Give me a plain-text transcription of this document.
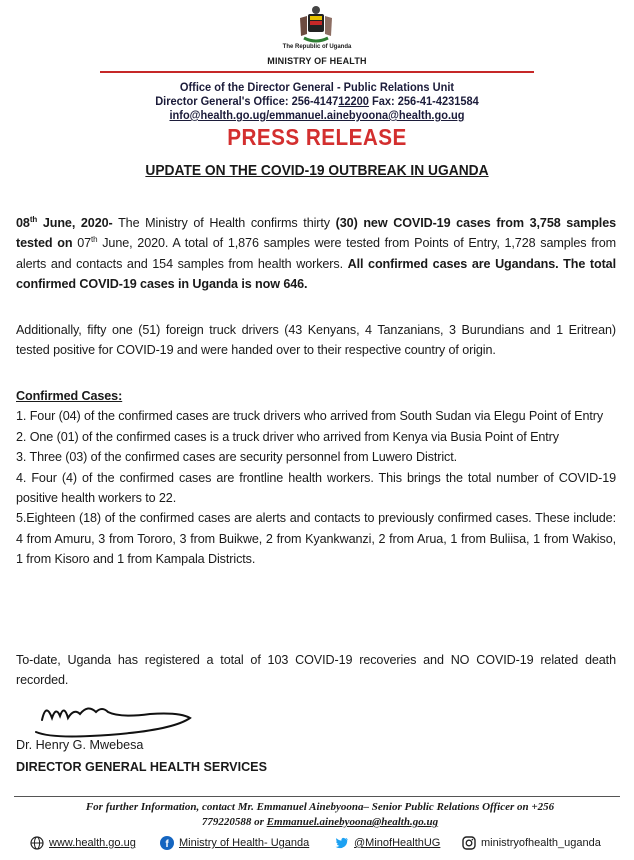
The Republic of Uganda
MINISTRY OF HEALTH
Office of the Director General - Public Relations Unit
Director General's Office: 256-414712200 Fax: 256-41-4231584
info@health.go.ug/emmanuel.ainebyoona@health.go.ug
PRESS RELEASE
UPDATE ON THE COVID-19 OUTBREAK IN UGANDA
08th June, 2020- The Ministry of Health confirms thirty (30) new COVID-19 cases from 3,758 samples tested on 07th June, 2020. A total of 1,876 samples were tested from Points of Entry, 1,728 samples from alerts and contacts and 154 samples from health workers. All confirmed cases are Ugandans. The total confirmed COVID-19 cases in Uganda is now 646.
Additionally, fifty one (51) foreign truck drivers (43 Kenyans, 4 Tanzanians, 3 Burundians and 1 Eritrean) tested positive for COVID-19 and were handed over to their respective country of origin.
Confirmed Cases:
1. Four (04) of the confirmed cases are truck drivers who arrived from South Sudan via Elegu Point of Entry
2. One (01) of the confirmed cases is a truck driver who arrived from Kenya via Busia Point of Entry
3. Three (03) of the confirmed cases are security personnel from Luwero District.
4. Four (4) of the confirmed cases are frontline health workers. This brings the total number of COVID-19 positive health workers to 22.
5.Eighteen (18) of the confirmed cases are alerts and contacts to previously confirmed cases. These include: 4 from Amuru, 3 from Tororo, 3 from Buikwe, 2 from Kyankwanzi, 2 from Arua, 1 from Buliisa, 1 from Wakiso, 1 from Kisoro and 1 from Kampala Districts.
To-date, Uganda has registered a total of 103 COVID-19 recoveries and NO COVID-19 related death recorded.
Dr. Henry G. Mwebesa
DIRECTOR GENERAL HEALTH SERVICES
For further Information, contact Mr. Emmanuel Ainebyoona– Senior Public Relations Officer on +256
779220588 or Emmanuel.ainebyoona@health.go.ug
www.health.go.ug	f Ministry of Health- Uganda	@MinofHealthUG	ministryofhealth_uganda
